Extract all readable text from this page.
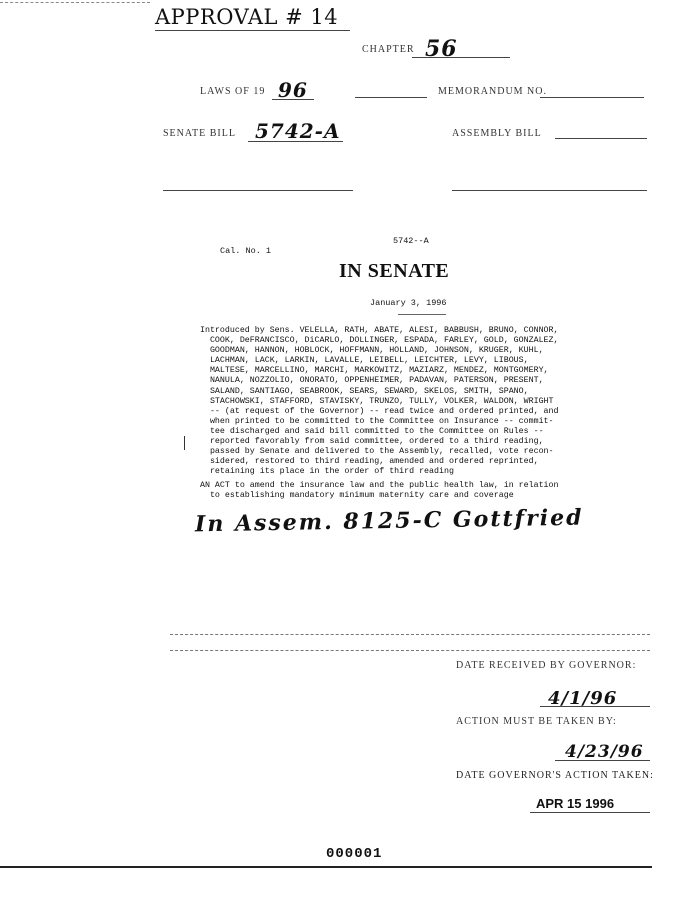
APPROVAL # 14
CHAPTER 56
LAWS OF 19 96	MEMORANDUM NO.
SENATE BILL 5742-A	ASSEMBLY BILL
5742--A
Cal. No. 1
IN SENATE
January 3, 1996
Introduced by Sens. VELELLA, RATH, ABATE, ALESI, BABBUSH, BRUNO, CONNOR,
COOK, DeFRANCISCO, DiCARLO, DOLLINGER, ESPADA, FARLEY, GOLD, GONZALEZ,
GOODMAN, HANNON, HOBLOCK, HOFFMANN, HOLLAND, JOHNSON, KRUGER, KUHL,
LACHMAN, LACK, LARKIN, LAVALLE, LEIBELL, LEICHTER, LEVY, LIBOUS,
MALTESE, MARCELLINO, MARCHI, MARKOWITZ, MAZIARZ, MENDEZ, MONTGOMERY,
NANULA, NOZZOLIO, ONORATO, OPPENHEIMER, PADAVAN, PATERSON, PRESENT,
SALAND, SANTIAGO, SEABROOK, SEARS, SEWARD, SKELOS, SMITH, SPANO,
STACHOWSKI, STAFFORD, STAVISKY, TRUNZO, TULLY, VOLKER, WALDON, WRIGHT
-- (at request of the Governor) -- read twice and ordered printed, and
when printed to be committed to the Committee on Insurance -- commit-
tee discharged and said bill committed to the Committee on Rules --
reported favorably from said committee, ordered to a third reading,
passed by Senate and delivered to the Assembly, recalled, vote recon-
sidered, restored to third reading, amended and ordered reprinted,
retaining its place in the order of third reading
AN ACT to amend the insurance law and the public health law, in relation
to establishing mandatory minimum maternity care and coverage
In Assem. 8125-C Gottfried
DATE RECEIVED BY GOVERNOR:
4/1/96
ACTION MUST BE TAKEN BY:
4/23/96
DATE GOVERNOR'S ACTION TAKEN:
APR 15 1996
000001
